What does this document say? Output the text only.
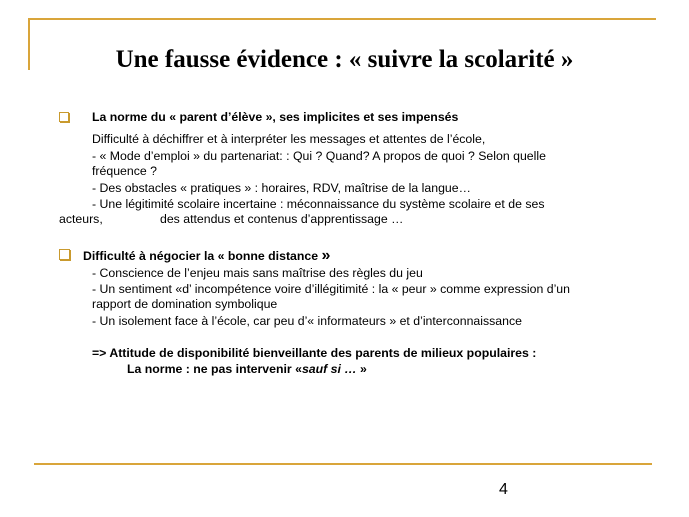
Une fausse évidence : « suivre la scolarité »
La norme du « parent d’élève », ses implicites et ses impensés
Difficulté à déchiffrer et à interpréter les messages et attentes de l’école,
- « Mode d’emploi » du partenariat: : Qui ? Quand? A propos de quoi ? Selon quelle
fréquence ?
- Des obstacles « pratiques » : horaires, RDV, maîtrise de la langue…
- Une légitimité scolaire incertaine : méconnaissance du système scolaire et de ses
acteurs,	des attendus et contenus d’apprentissage …
Difficulté à négocier la « bonne distance »
- Conscience de l’enjeu mais sans maîtrise des règles du jeu
- Un sentiment «d’ incompétence voire d’illégitimité : la « peur » comme expression d’un
rapport de domination symbolique
- Un isolement face à l’école, car peu d’« informateurs » et d’interconnaissance
=> Attitude de disponibilité bienveillante des parents de milieux populaires :
La norme : ne pas intervenir «sauf si … »
4
